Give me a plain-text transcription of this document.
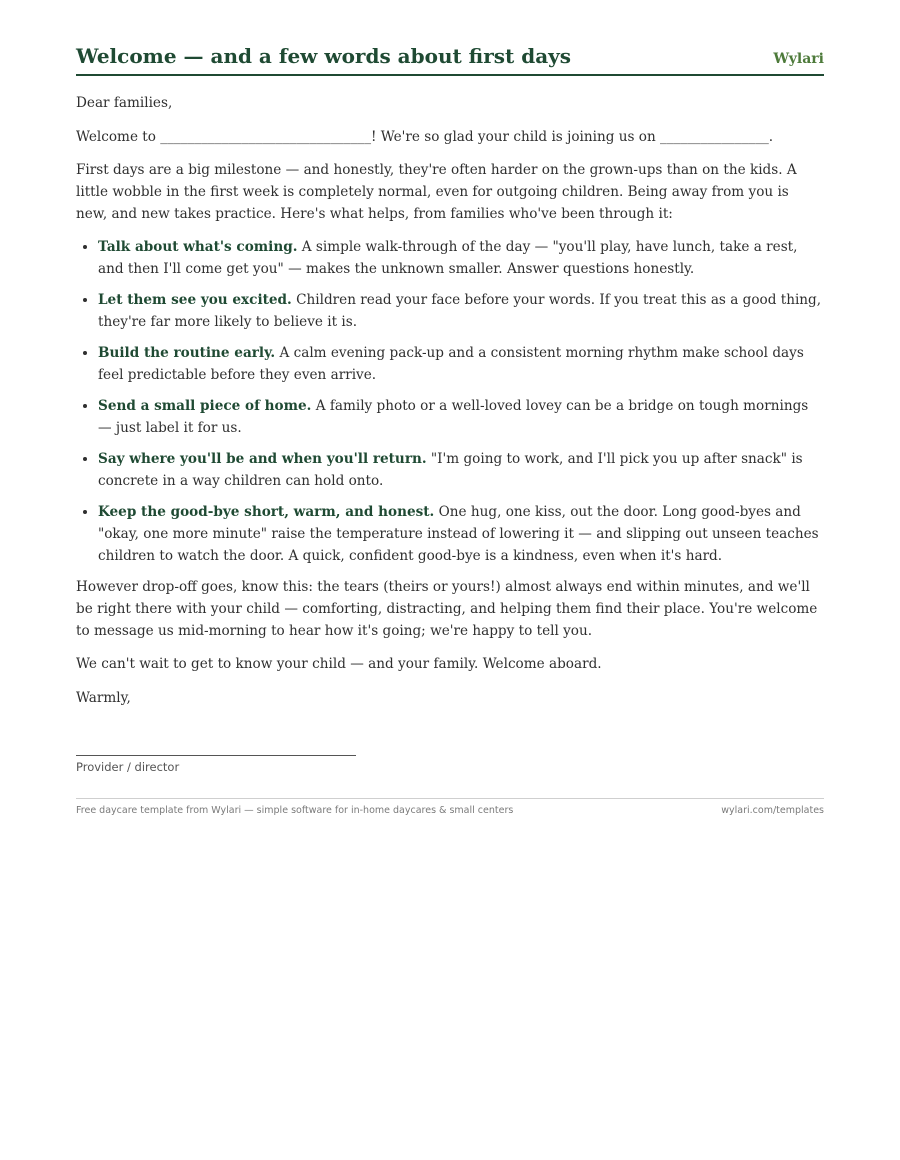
Welcome — and a few words about first days	Wylari

Dear families,

Welcome to _______________________________! We're so glad your child is joining us on ________________.

First days are a big milestone — and honestly, they're often harder on the grown-ups than on the kids. A little wobble in the first week is completely normal, even for outgoing children. Being away from you is new, and new takes practice. Here's what helps, from families who've been through it:

• Talk about what's coming. A simple walk-through of the day — "you'll play, have lunch, take a rest, and then I'll come get you" — makes the unknown smaller. Answer questions honestly.
• Let them see you excited. Children read your face before your words. If you treat this as a good thing, they're far more likely to believe it is.
• Build the routine early. A calm evening pack-up and a consistent morning rhythm make school days feel predictable before they even arrive.
• Send a small piece of home. A family photo or a well-loved lovey can be a bridge on tough mornings — just label it for us.
• Say where you'll be and when you'll return. "I'm going to work, and I'll pick you up after snack" is concrete in a way children can hold onto.
• Keep the good-bye short, warm, and honest. One hug, one kiss, out the door. Long good-byes and "okay, one more minute" raise the temperature instead of lowering it — and slipping out unseen teaches children to watch the door. A quick, confident good-bye is a kindness, even when it's hard.

However drop-off goes, know this: the tears (theirs or yours!) almost always end within minutes, and we'll be right there with your child — comforting, distracting, and helping them find their place. You're welcome to message us mid-morning to hear how it's going; we're happy to tell you.

We can't wait to get to know your child — and your family. Welcome aboard.

Warmly,

Provider / director
Free daycare template from Wylari — simple software for in-home daycares & small centers	wylari.com/templates
